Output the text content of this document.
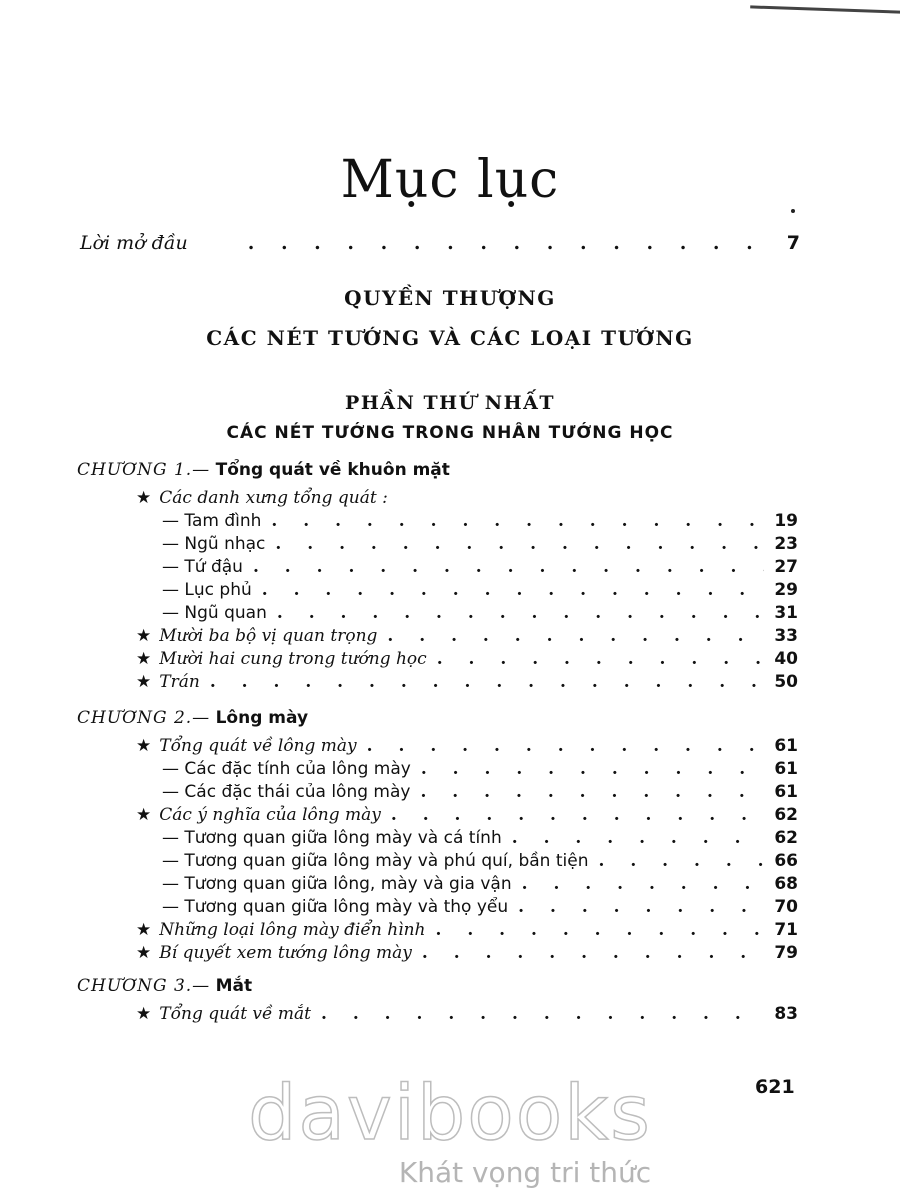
Mục lục
Lời mở đầu . . .	7
QUYỀN THƯỢNG
CÁC NÉT TƯỚNG VÀ CÁC LOẠI TƯỚNG
PHẦN THỨ NHẤT
CÁC NÉT TƯỚNG TRONG NHÂN TƯỚNG HỌC
CHƯƠNG 1.— Tổng quát về khuôn mặt
★ Các danh xưng tổng quát :
— Tam đình . . .	19
— Ngũ nhạc . . .	23
— Tứ đậu . . .	27
— Lục phủ . . .	29
— Ngũ quan . . .	31
★ Mười ba bộ vị quan trọng . . .	33
★ Mười hai cung trong tướng học . . .	40
★ Trán . . .	50
CHƯƠNG 2.— Lông mày
★ Tổng quát về lông mày . . .	61
— Các đặc tính của lông mày . . .	61
— Các đặc thái của lông mày . . .	61
★ Các ý nghĩa của lông mày . . .	62
— Tương quan giữa lông mày và cá tính . . .	62
— Tương quan giữa lông mày và phú quí, bần tiện . . .	66
— Tương quan giữa lông, mày và gia vận . . .	68
— Tương quan giữa lông mày và thọ yểu . . .	70
★ Những loại lông mày điển hình . . .	71
★ Bí quyết xem tướng lông mày . . .	79
CHƯƠNG 3.— Mắt
★ Tổng quát về mắt . . .	83
621
davibooks
Khát vọng tri thức
